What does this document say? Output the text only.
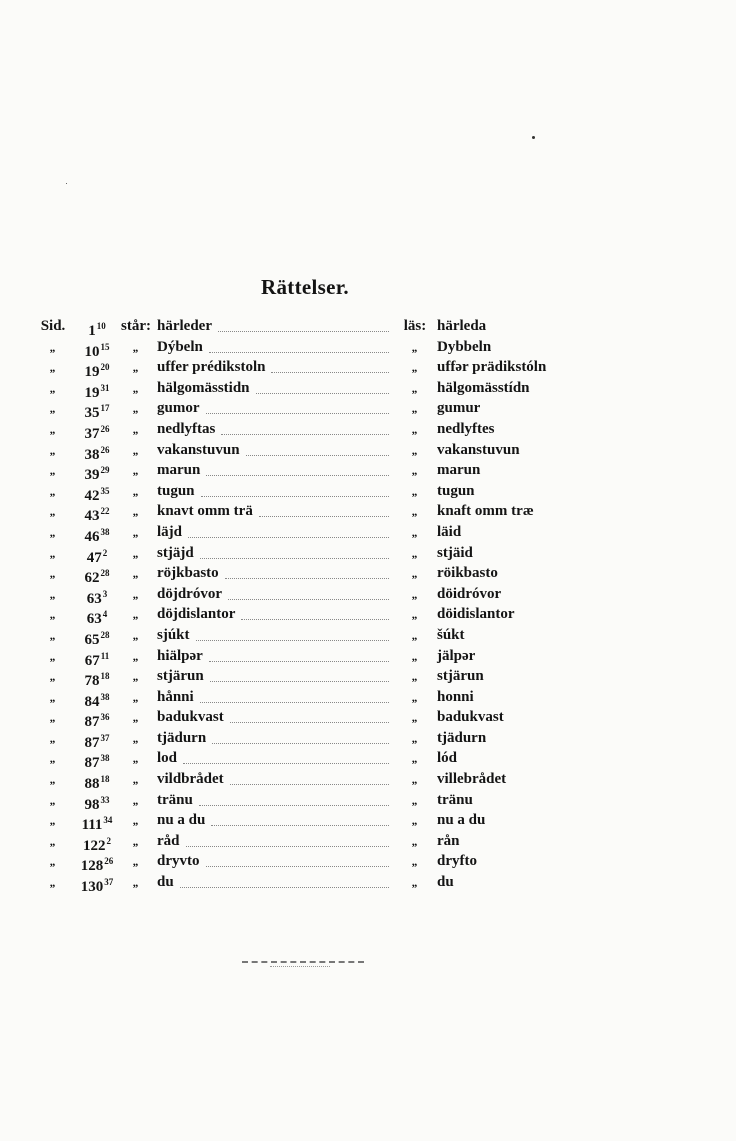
Rättelser.
Sid.	$1^{10}$	står: härleder	läs: härleda
„	$10^{15}$	„	Dýbeln	„	Dybbeln
„	$19^{20}$	„	uffer prédikstoln	„	uffər prädikstóln
„	$19^{31}$	„	hälgomässtidn	„	hälgomässtídn
„	$35^{17}$	„	gumor	„	gumur
„	$37^{26}$	„	nedlyftas	„	nedlyftes
„	$38^{26}$	„	vakanstuvun	„	vakanstuvun
„	$39^{29}$	„	marun	„	marun
„	$42^{35}$	„	tugun	„	tugun
„	$43^{22}$	„	knavt omm trä	„	knaft omm træ
„	$46^{38}$	„	läjd	„	läid
„	$47^2$	„	stjäjd	„	stjäid
„	$62^{28}$	„	röjkbasto	„	röikbasto
„	$63^3$	„	döjdróvor	„	döidróvor
„	$63^4$	„	döjdislantor	„	döidislantor
„	$65^{28}$	„	sjúkt	„	šúkt
„	$67^{11}$	„	hiälpər	„	jälpər
„	$78^{18}$	„	stjärun	„	stjärun
„	$84^{38}$	„	hånni	„	honni
„	$87^{36}$	„	badukvast	„	badukvast
„	$87^{37}$	„	tjädurn	„	tjädurn
„	$87^{38}$	„	lod	„	lód
„	$88^{18}$	„	vildbrådet	„	villebrådet
„	$98^{33}$	„	tränu	„	tränu
„	$111^{34}$	„	nu a du	„	nu a du
„	$122^2$	„	råd	„	rån
„	$128^{26}$	„	dryvto	„	dryfto
„	$130^{37}$	„	du	„	du
